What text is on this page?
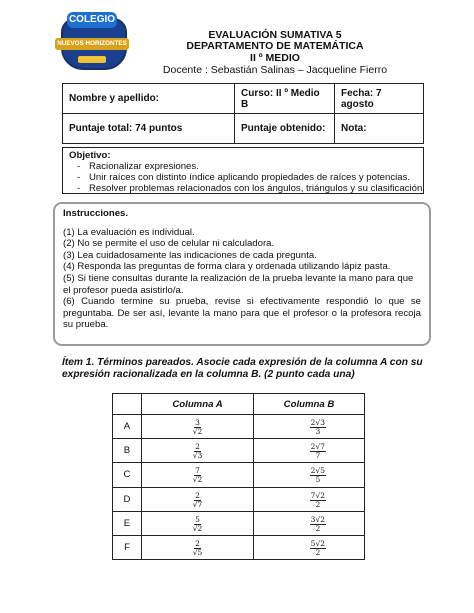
COLEGIO
NUEVOS HORIZONTES
EVALUACIÓN SUMATIVA 5
DEPARTAMENTO DE MATEMÁTICA
II º MEDIO
Docente : Sebastián Salinas – Jacqueline Fierro
Nombre y apellido:	Curso: II º Medio B	Fecha: 7 agosto
Puntaje total: 74 puntos	Puntaje obtenido:	Nota:
Objetivo:
- Racionalizar expresiones.
- Unir raíces con distinto índice aplicando propiedades de raíces y potencias.
- Resolver problemas relacionados con los ángulos, triángulos y su clasificación.
Instrucciones.
(1) La evaluación es individual.
(2) No se permite el uso de celular ni calculadora.
(3) Lea cuidadosamente las indicaciones de cada pregunta.
(4) Responda las preguntas de forma clara y ordenada utilizando lápiz pasta.
(5) Si tiene consultas durante la realización de la prueba levante la mano para que el profesor pueda asistirlo/a.
(6) Cuando termine su prueba, revise si efectivamente respondió lo que se preguntaba. De ser así, levante la mano para que el profesor o la profesora recoja su prueba.
Ítem 1. Términos pareados. Asocie cada expresión de la columna A con su expresión racionalizada en la columna B. (2 punto cada una)
	Columna A	Columna B
A	$\frac{3}{√2}$	$\frac{2√3}{3}$

B	$\frac{2}{√3}$	$\frac{2√7}{7}$

C	$\frac{7}{√2}$	$\frac{2√5}{5}$

D	$\frac{2}{√7}$	$\frac{7√2}{2}$

E	$\frac{5}{√2}$	$\frac{3√2}{2}$

F	$\frac{2}{√5}$	$\frac{5√2}{2}$
